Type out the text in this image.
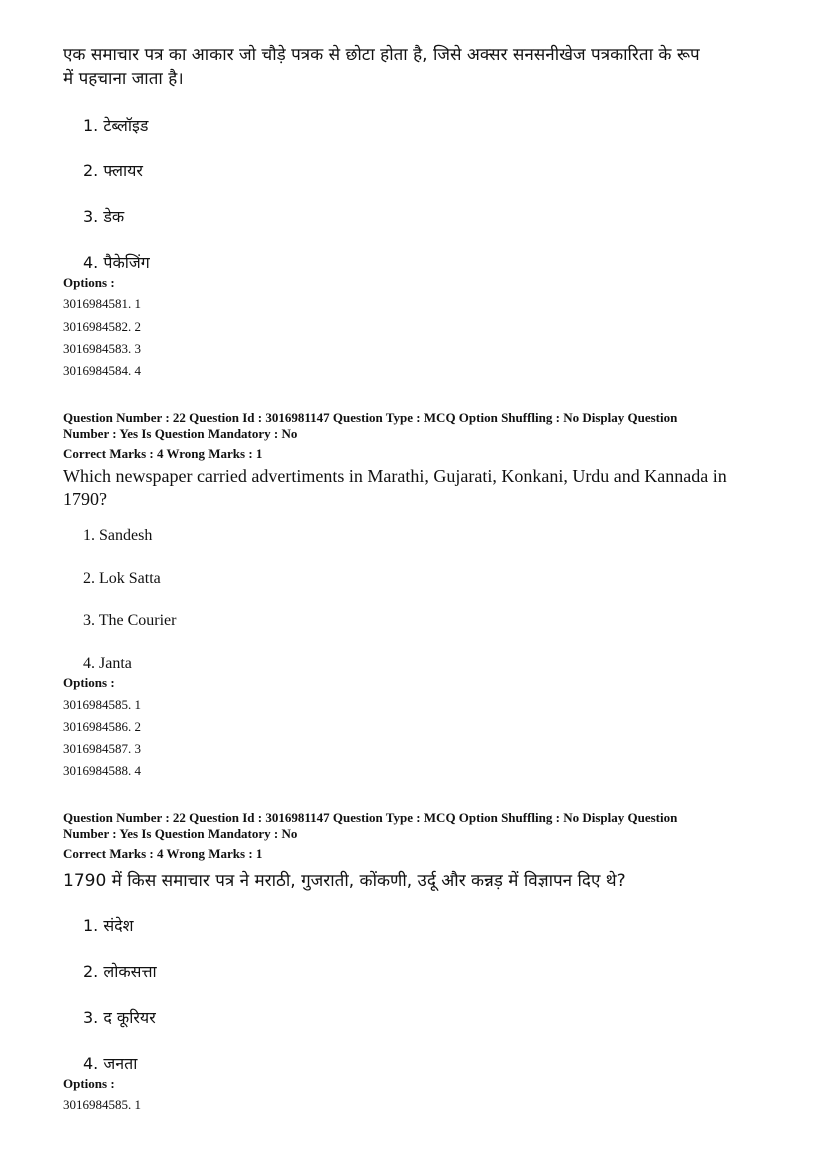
एक समाचार पत्र का आकार जो चौड़े पत्रक से छोटा होता है, जिसे अक्सर सनसनीखेज पत्रकारिता के रूप
में पहचाना जाता है।
1. टेब्लॉइड
2. फ्लायर
3. डेक
4. पैकेजिंग
Options :
3016984581. 1
3016984582. 2
3016984583. 3
3016984584. 4
Question Number : 22 Question Id : 3016981147 Question Type : MCQ Option Shuffling : No Display Question
Number : Yes Is Question Mandatory : No
Correct Marks : 4 Wrong Marks : 1
Which newspaper carried advertiments in Marathi, Gujarati, Konkani, Urdu and Kannada in
1790?
1. Sandesh
2. Lok Satta
3. The Courier
4. Janta
Options :
3016984585. 1
3016984586. 2
3016984587. 3
3016984588. 4
Question Number : 22 Question Id : 3016981147 Question Type : MCQ Option Shuffling : No Display Question
Number : Yes Is Question Mandatory : No
Correct Marks : 4 Wrong Marks : 1
1790 में किस समाचार पत्र ने मराठी, गुजराती, कोंकणी, उर्दू और कन्नड़ में विज्ञापन दिए थे?
1. संदेश
2. लोकसत्ता
3. द कूरियर
4. जनता
Options :
3016984585. 1
